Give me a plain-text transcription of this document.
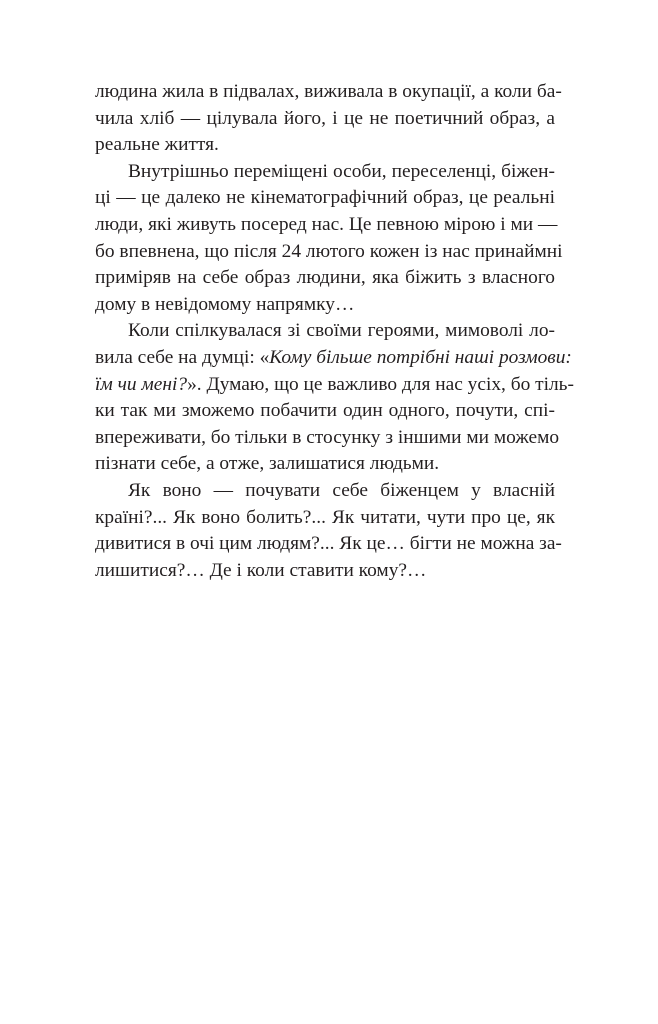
людина жила в підвалах, виживала в окупації, а коли ба-
чила хліб — цілувала його, і це не поетичний образ, а
реальне життя.
Внутрішньо переміщені особи, переселенці, біжен-
ці — це далеко не кінематографічний образ, це реальні
люди, які живуть посеред нас. Це певною мірою і ми —
бо впевнена, що після 24 лютого кожен із нас принаймні
приміряв на себе образ людини, яка біжить з власного
дому в невідомому напрямку…
Коли спілкувалася зі своїми героями, мимоволі ло-
вила себе на думці: «Кому більше потрібні наші розмови:
їм чи мені?». Думаю, що це важливо для нас усіх, бо тіль-
ки так ми зможемо побачити один одного, почути, спі-
вперeживати, бо тільки в стосунку з іншими ми можемо
пізнати себе, а отже, залишатися людьми.
Як воно — почувати себе біженцем у власній
країні?... Як воно болить?... Як читати, чути про це, як
дивитися в очі цим людям?... Як це… бігти не можна за-
лишитися?… Де і коли ставити кому?…
